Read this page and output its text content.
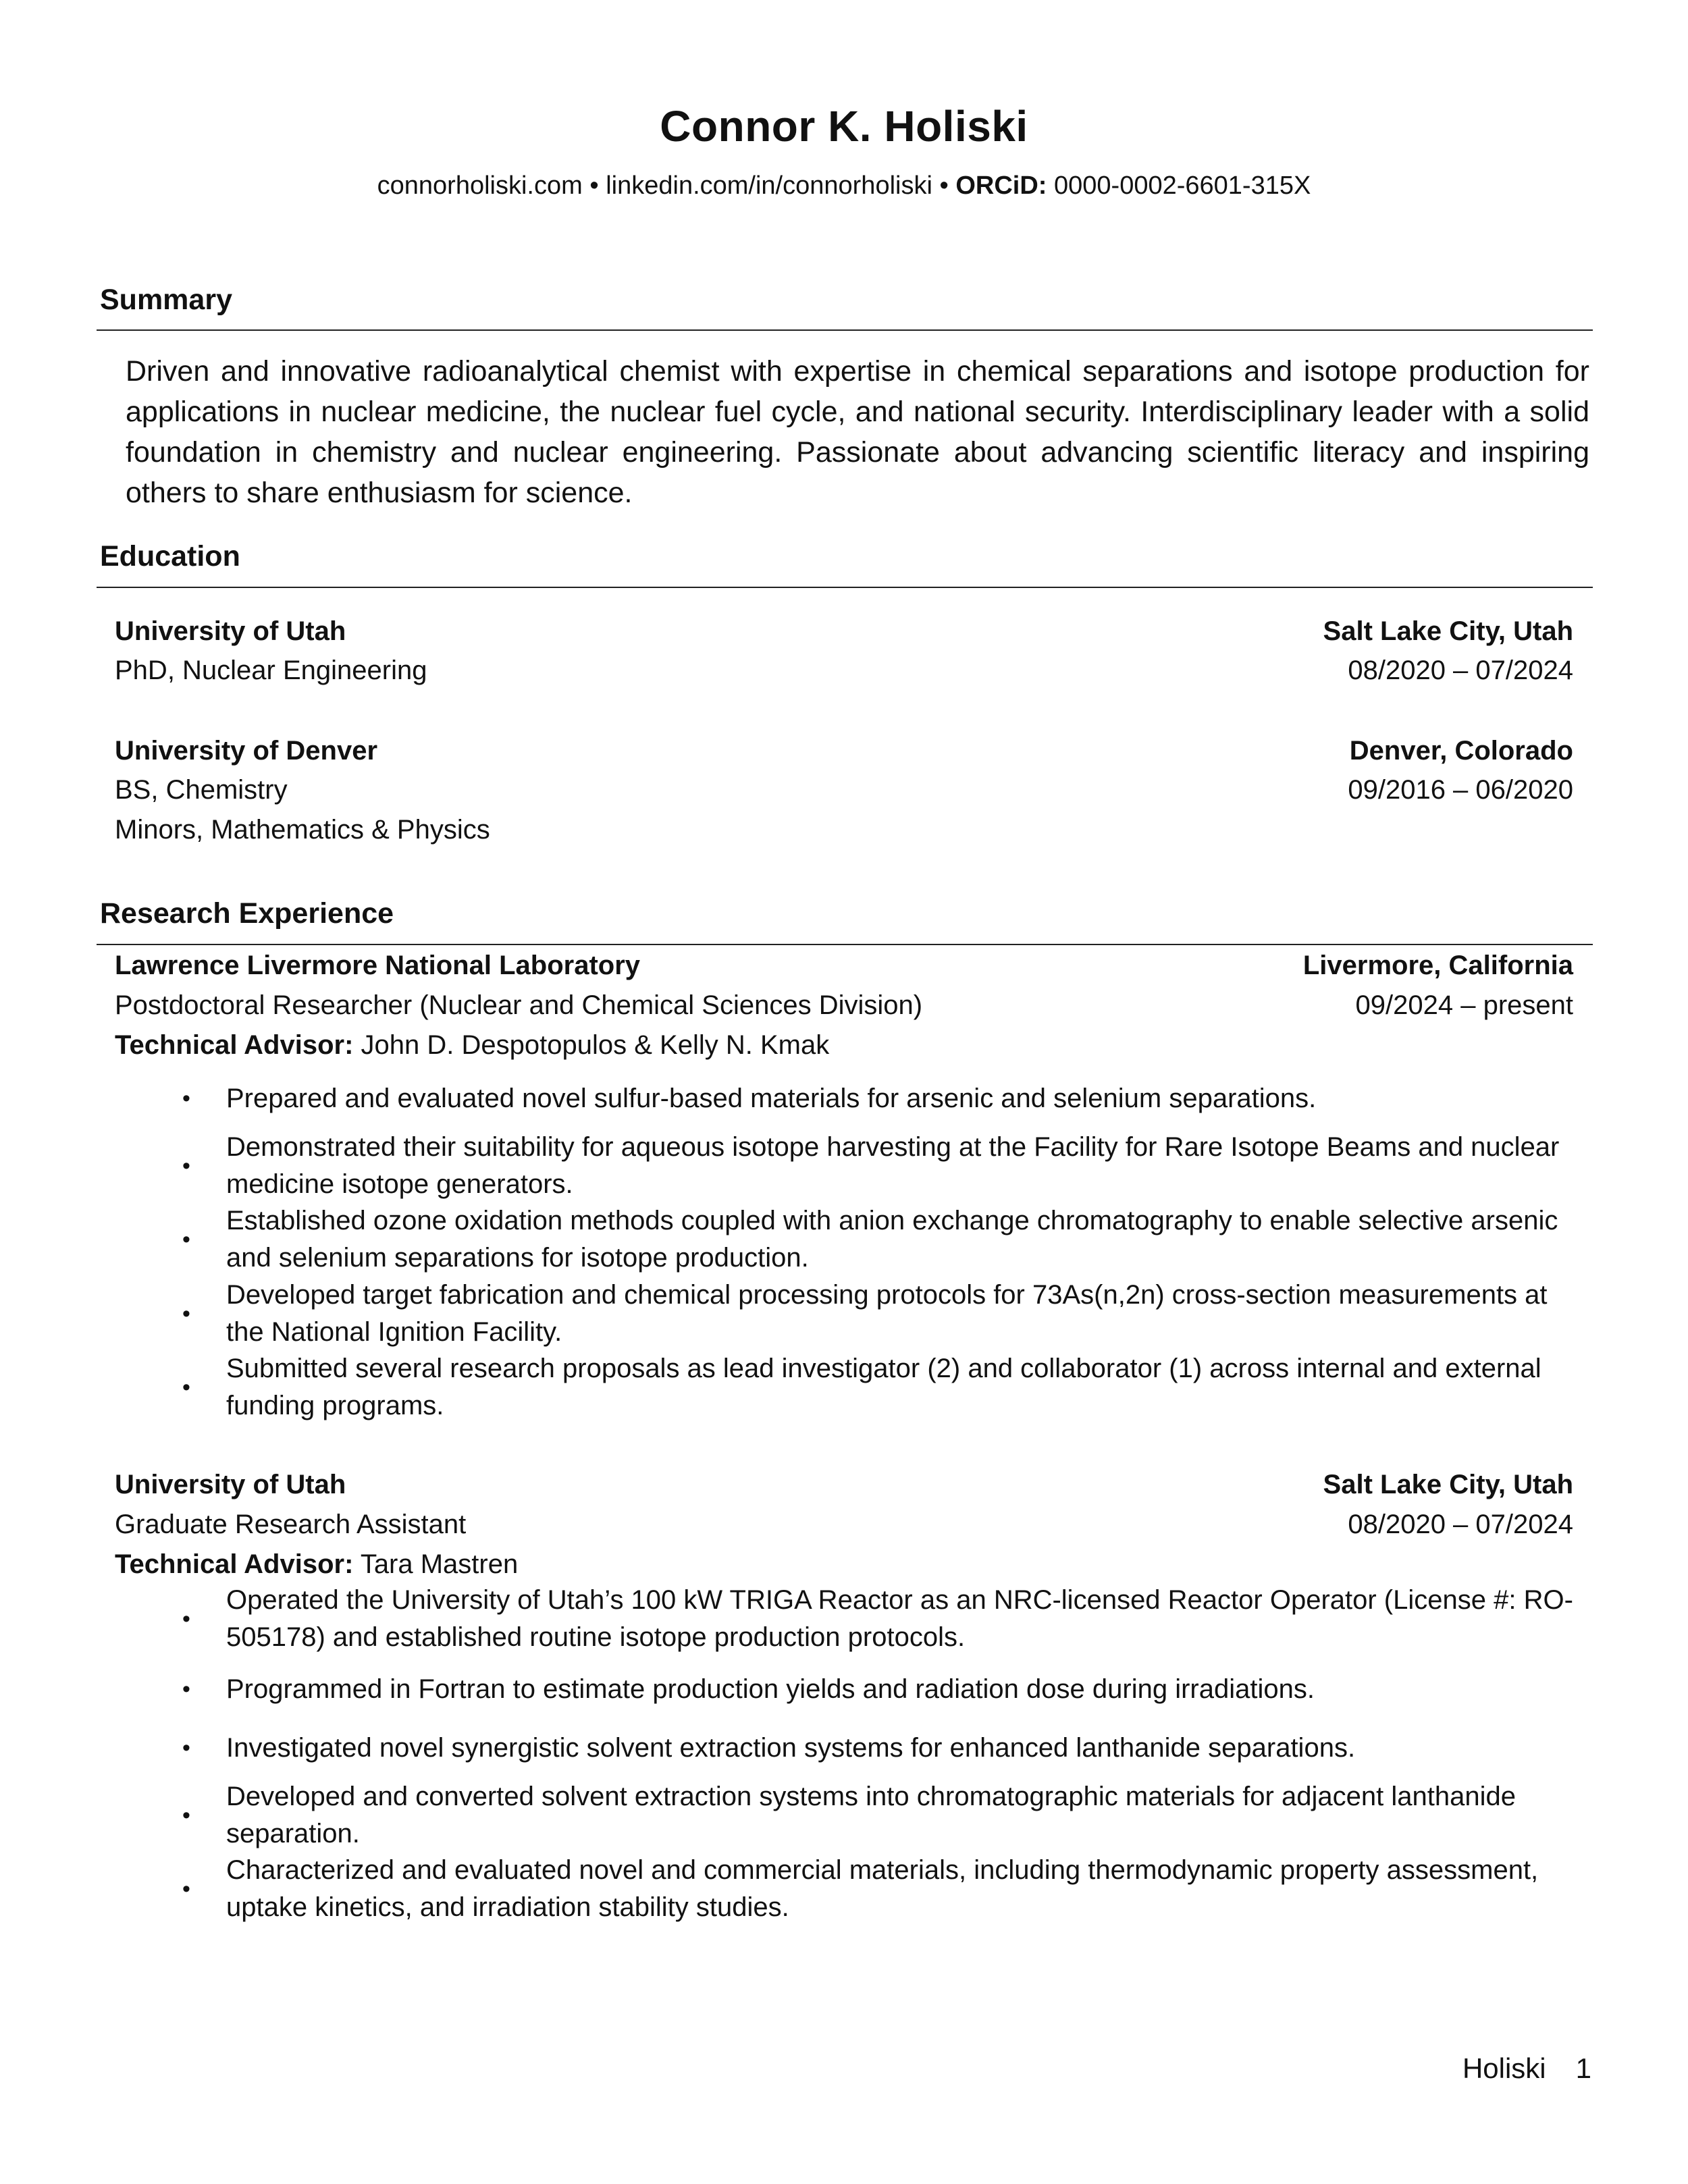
Connor K. Holiski
connorholiski.com • linkedin.com/in/connorholiski • ORCiD: 0000-0002-6601-315X
Summary
Driven and innovative radioanalytical chemist with expertise in chemical separations and isotope production for applications in nuclear medicine, the nuclear fuel cycle, and national security. Interdisciplinary leader with a solid foundation in chemistry and nuclear engineering. Passionate about advancing scientific literacy and inspiring others to share enthusiasm for science.
Education
University of Utah	Salt Lake City, Utah
PhD, Nuclear Engineering	08/2020 – 07/2024
University of Denver	Denver, Colorado
BS, Chemistry	09/2016 – 06/2020
Minors, Mathematics & Physics
Research Experience
Lawrence Livermore National Laboratory	Livermore, California
Postdoctoral Researcher (Nuclear and Chemical Sciences Division)	09/2024 – present
Technical Advisor: John D. Despotopulos & Kelly N. Kmak
• Prepared and evaluated novel sulfur-based materials for arsenic and selenium separations.
•
Demonstrated their suitability for aqueous isotope harvesting at the Facility for Rare Isotope Beams and nuclear medicine isotope generators.
•
Established ozone oxidation methods coupled with anion exchange chromatography to enable selective arsenic and selenium separations for isotope production.
•
Developed target fabrication and chemical processing protocols for 73As(n,2n) cross-section measurements at the National Ignition Facility.
•
Submitted several research proposals as lead investigator (2) and collaborator (1) across internal and external funding programs.
University of Utah	Salt Lake City, Utah
Graduate Research Assistant	08/2020 – 07/2024
Technical Advisor: Tara Mastren
•
Operated the University of Utah’s 100 kW TRIGA Reactor as an NRC-licensed Reactor Operator (License #: RO-505178) and established routine isotope production protocols.
• Programmed in Fortran to estimate production yields and radiation dose during irradiations.
• Investigated novel synergistic solvent extraction systems for enhanced lanthanide separations.
•
Developed and converted solvent extraction systems into chromatographic materials for adjacent lanthanide separation.
•
Characterized and evaluated novel and commercial materials, including thermodynamic property assessment, uptake kinetics, and irradiation stability studies.
Holiski 1
